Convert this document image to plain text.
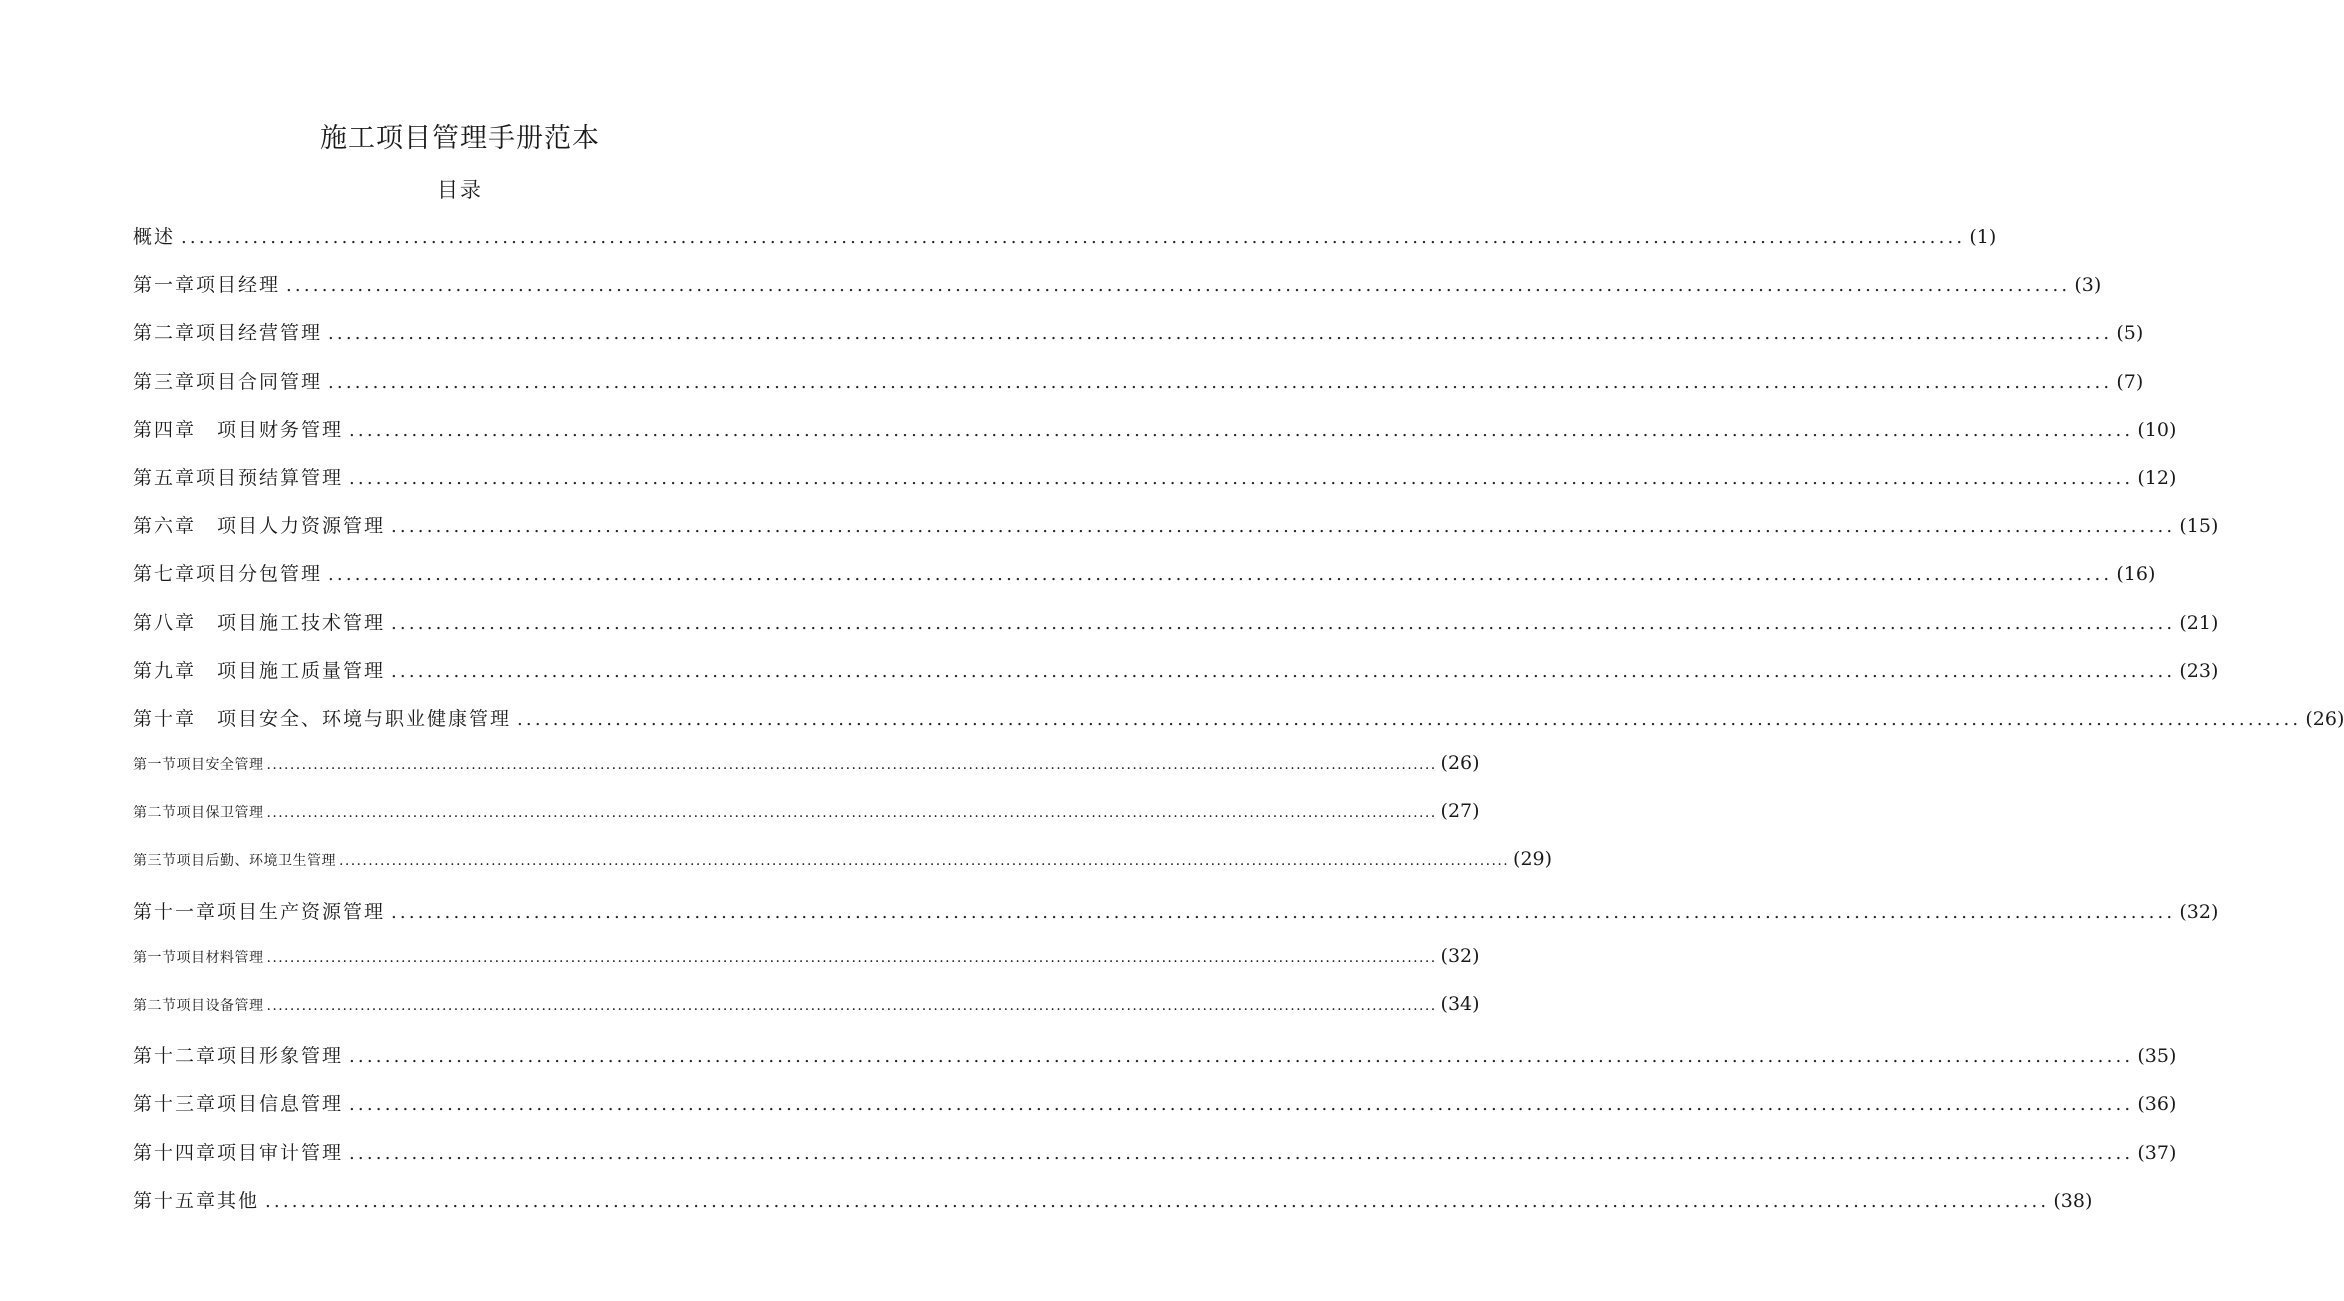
施工项目管理手册范本
目录
概述 ........................................................................................................................................................................................................ (1)
第一章项目经理 ........................................................................................................................................................................................................ (3)
第二章项目经营管理 ........................................................................................................................................................................................................ (5)
第三章项目合同管理 ........................................................................................................................................................................................................ (7)
第四章　项目财务管理 ........................................................................................................................................................................................................ (10)
第五章项目预结算管理 ........................................................................................................................................................................................................ (12)
第六章　项目人力资源管理 ........................................................................................................................................................................................................ (15)
第七章项目分包管理 ........................................................................................................................................................................................................ (16)
第八章　项目施工技术管理 ........................................................................................................................................................................................................ (21)
第九章　项目施工质量管理 ........................................................................................................................................................................................................ (23)
第十章　项目安全、环境与职业健康管理 ........................................................................................................................................................................................................ (26)
第一节项目安全管理 ........................................................................................................................................................................................................ (26)
第二节项目保卫管理 ........................................................................................................................................................................................................ (27)
第三节项目后勤、环境卫生管理 ........................................................................................................................................................................................................ (29)
第十一章项目生产资源管理 ........................................................................................................................................................................................................ (32)
第一节项目材料管理 ........................................................................................................................................................................................................ (32)
第二节项目设备管理 ........................................................................................................................................................................................................ (34)
第十二章项目形象管理 ........................................................................................................................................................................................................ (35)
第十三章项目信息管理 ........................................................................................................................................................................................................ (36)
第十四章项目审计管理 ........................................................................................................................................................................................................ (37)
第十五章其他 ........................................................................................................................................................................................................ (38)
